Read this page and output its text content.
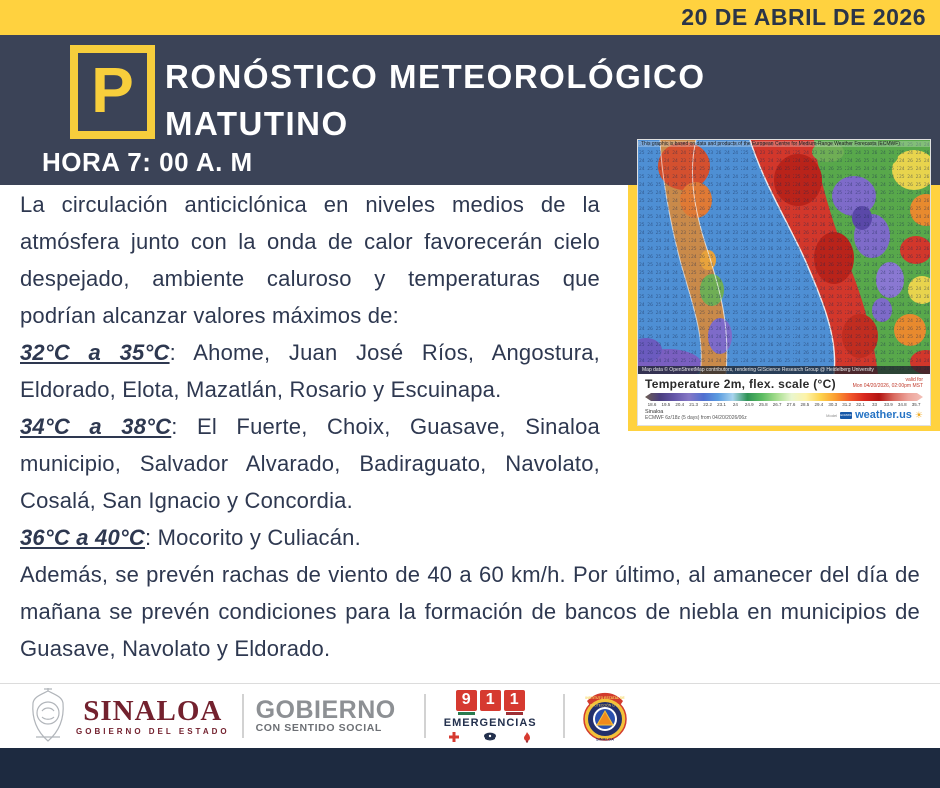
20 DE ABRIL DE 2026
P RONÓSTICO METEOROLÓGICO
MATUTINO
HORA 7: 00 A. M
This graphic is based on data and products of the European Centre for Medium-Range Weather Forecasts (ECMWF)
Map data © OpenStreetMap contributors, rendering GIScience Research Group @ Heidelberg University
Temperature 2m, flex. scale (°C)	valid for
Mon 04/20/2026, 02:00pm MST
18.6	19.5	20.4	21.3	22.2	23.1	24	24.9	25.8	26.7	27.6	28.5	29.4	30.3	31.2	32.1	33	33.9	34.8	35.7
Sinaloa
ECMWF 6z/18z (5 days) from 04/20/2026/06z	Model ECMWF weather.us ☀

La circulación anticiclónica en niveles medios de la atmósfera junto con la onda de calor favorecerán cielo despejado, ambiente caluroso y temperaturas que podrían alcanzar valores máximos de:

32°C a 35°C: Ahome, Juan José Ríos, Angostura, Eldorado, Elota, Mazatlán, Rosario y Escuinapa.

34°C a 38°C: El Fuerte, Choix, Guasave, Sinaloa municipio, Salvador Alvarado, Badiraguato, Navolato, Cosalá, San Ignacio y Concordia.

36°C a 40°C: Mocorito y Culiacán.

Además, se prevén rachas de viento de 40 a 60 km/h. Por último, al amanecer del día de mañana se prevén condiciones para la formación de bancos de niebla en municipios de Guasave, Navolato y Eldorado.

SINALOA
GOBIERNO DEL ESTADO
GOBIERNO
CON SENTIDO SOCIAL
9 1 1
EMERGENCIAS
SINALOA
INSTITUTO ESTATAL DE
PROTECCIÓN CIVIL
